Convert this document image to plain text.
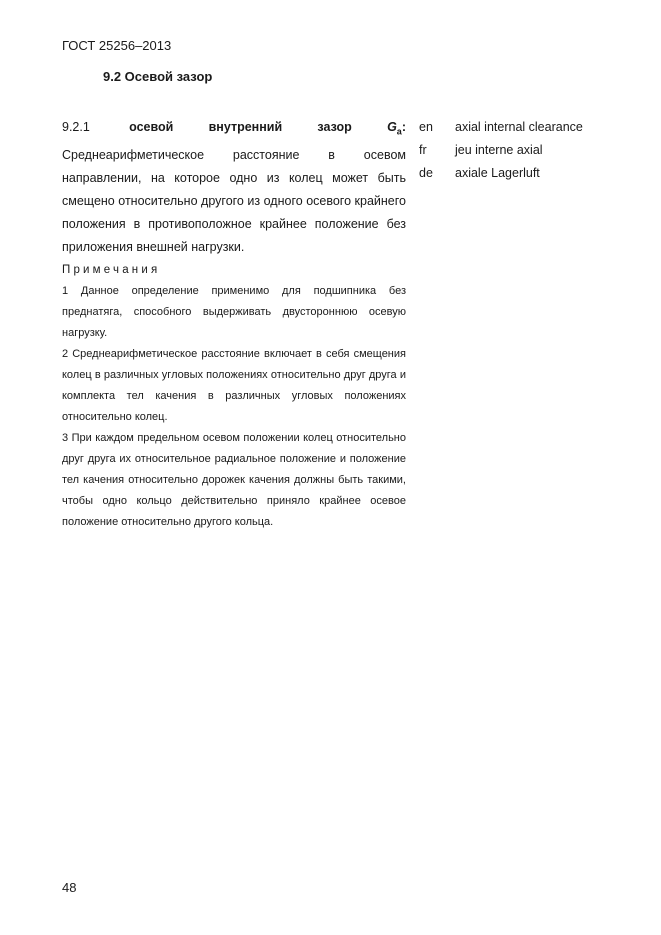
ГОСТ 25256–2013
9.2 Осевой зазор
9.2.1	осевой внутренний зазор	$G_a$: Среднеарифметическое расстояние в осевом направлении, на которое одно из колец может быть смещено относительно другого из одного осевого крайнего положения в противоположное крайнее положение без приложения внешней нагрузки.
en	axial internal clearance
fr	jeu interne axial
de	axiale Lagerluft

Примечания

1 Данное определение применимо для подшипника без преднатяга, способного выдерживать двустороннюю осевую нагрузку.

2 Среднеарифметическое расстояние включает в себя смещения колец в различных угловых положениях относительно друг друга и комплекта тел качения в различных угловых положениях относительно колец.

3 При каждом предельном осевом положении колец относительно друг друга их относительное радиальное положение и положение тел качения относительно дорожек качения должны быть такими, чтобы одно кольцо действительно приняло крайнее осевое положение относительно другого кольца.

48
